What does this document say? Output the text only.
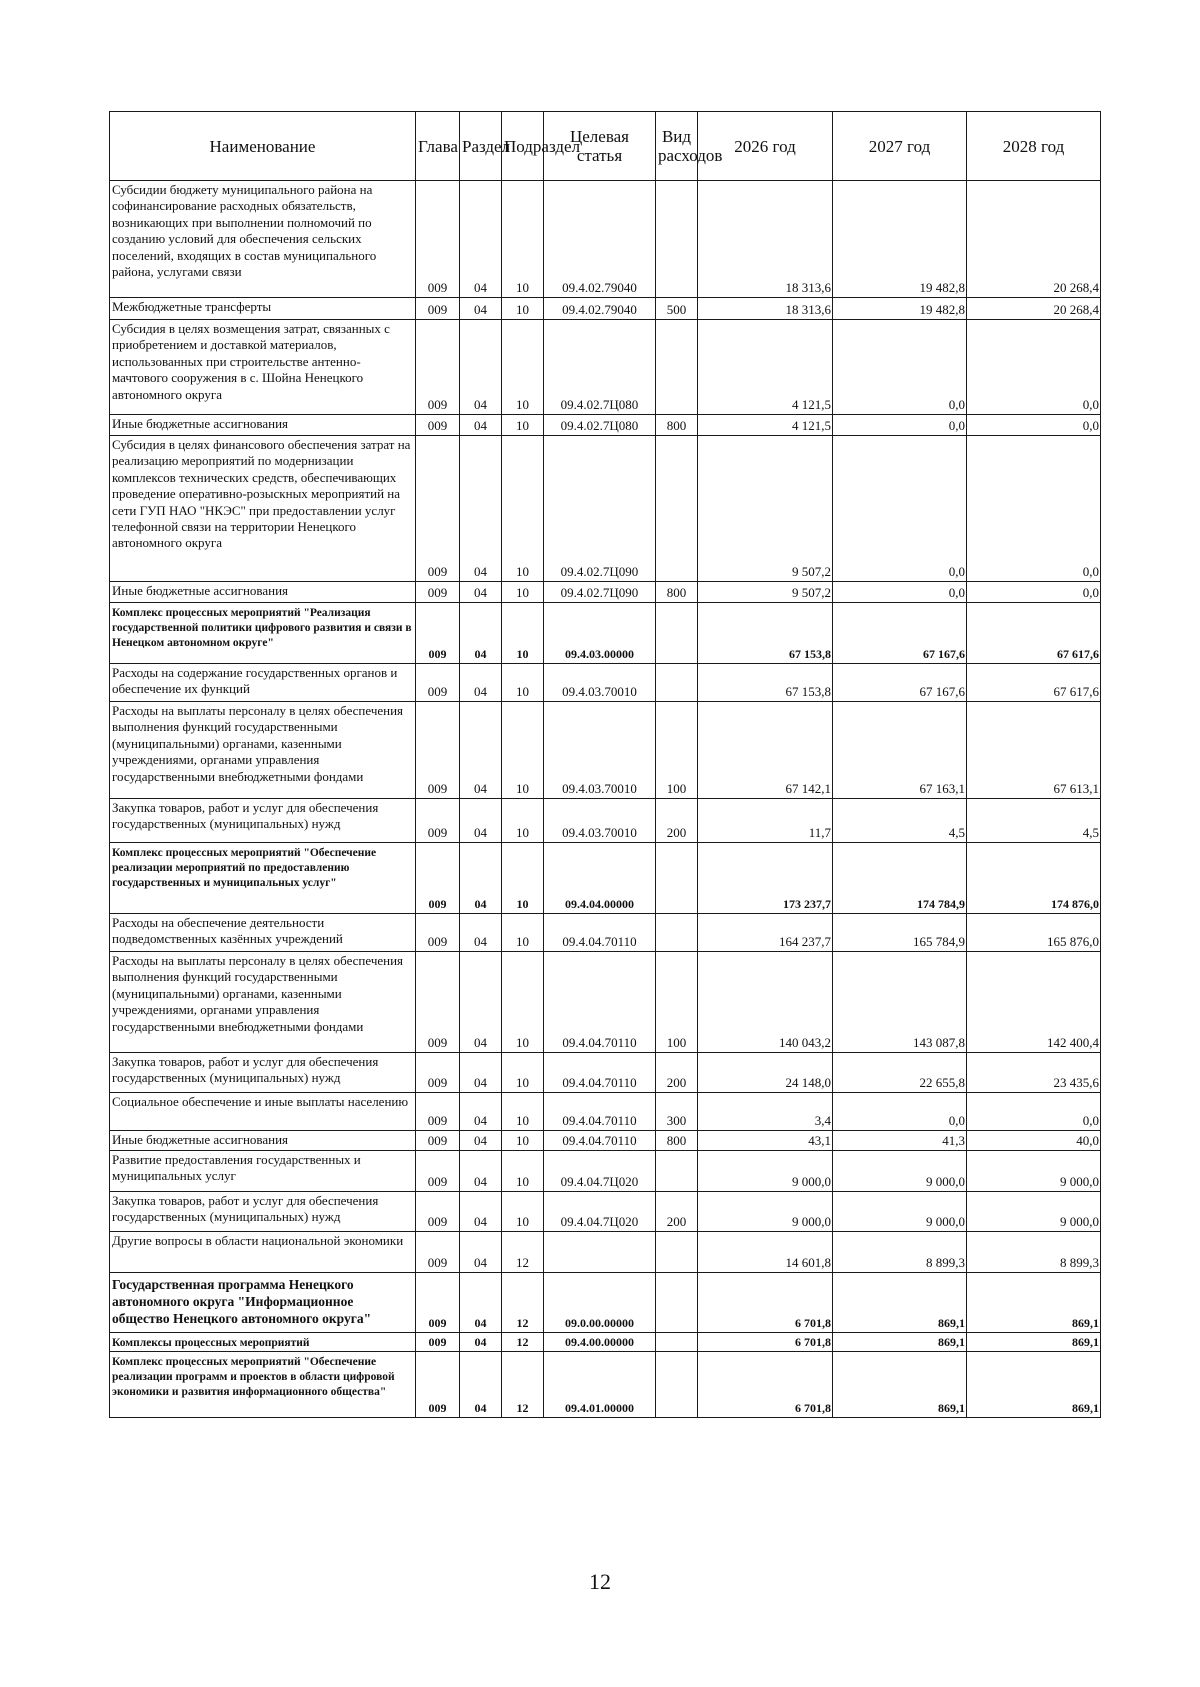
Наименование	Глава	Раздел	Подраздел	Целевая статья	Вид расходов	2026 год	2027 год	2028 год
Субсидии бюджету муниципального района на софинансирование расходных обязательств, возникающих при выполнении полномочий по созданию условий для обеспечения сельских поселений, входящих в состав муниципального района, услугами связи	009	04	10	09.4.02.79040		18 313,6	19 482,8	20 268,4
Межбюджетные трансферты	009	04	10	09.4.02.79040	500	18 313,6	19 482,8	20 268,4
Субсидия в целях возмещения затрат, связанных с приобретением и доставкой материалов, использованных при строительстве антенно-мачтового сооружения в с. Шойна Ненецкого автономного округа	009	04	10	09.4.02.7Ц080		4 121,5	0,0	0,0
Иные бюджетные ассигнования	009	04	10	09.4.02.7Ц080	800	4 121,5	0,0	0,0
Субсидия в целях финансового обеспечения затрат на реализацию мероприятий по модернизации комплексов технических средств, обеспечивающих проведение оперативно-розыскных мероприятий на сети ГУП НАО "НКЭС" при предоставлении услуг телефонной связи на территории Ненецкого автономного округа	009	04	10	09.4.02.7Ц090		9 507,2	0,0	0,0
Иные бюджетные ассигнования	009	04	10	09.4.02.7Ц090	800	9 507,2	0,0	0,0
Комплекс процессных мероприятий "Реализация государственной политики цифрового развития и связи в Ненецком автономном округе"	009	04	10	09.4.03.00000		67 153,8	67 167,6	67 617,6
Расходы на содержание государственных органов и обеспечение их функций	009	04	10	09.4.03.70010		67 153,8	67 167,6	67 617,6
Расходы на выплаты персоналу в целях обеспечения выполнения функций государственными (муниципальными) органами, казенными учреждениями, органами управления государственными внебюджетными фондами	009	04	10	09.4.03.70010	100	67 142,1	67 163,1	67 613,1
Закупка товаров, работ и услуг для обеспечения государственных (муниципальных) нужд	009	04	10	09.4.03.70010	200	11,7	4,5	4,5
Комплекс процессных мероприятий "Обеспечение реализации мероприятий по предоставлению государственных и муниципальных услуг"	009	04	10	09.4.04.00000		173 237,7	174 784,9	174 876,0
Расходы на обеспечение деятельности подведомственных казённых учреждений	009	04	10	09.4.04.70110		164 237,7	165 784,9	165 876,0
Расходы на выплаты персоналу в целях обеспечения выполнения функций государственными (муниципальными) органами, казенными учреждениями, органами управления государственными внебюджетными фондами	009	04	10	09.4.04.70110	100	140 043,2	143 087,8	142 400,4
Закупка товаров, работ и услуг для обеспечения государственных (муниципальных) нужд	009	04	10	09.4.04.70110	200	24 148,0	22 655,8	23 435,6
Социальное обеспечение и иные выплаты населению	009	04	10	09.4.04.70110	300	3,4	0,0	0,0
Иные бюджетные ассигнования	009	04	10	09.4.04.70110	800	43,1	41,3	40,0
Развитие предоставления государственных и муниципальных услуг	009	04	10	09.4.04.7Ц020		9 000,0	9 000,0	9 000,0
Закупка товаров, работ и услуг для обеспечения государственных (муниципальных) нужд	009	04	10	09.4.04.7Ц020	200	9 000,0	9 000,0	9 000,0
Другие вопросы в области национальной экономики	009	04	12			14 601,8	8 899,3	8 899,3
Государственная программа Ненецкого автономного округа "Информационное общество Ненецкого автономного округа"	009	04	12	09.0.00.00000		6 701,8	869,1	869,1
Комплексы процессных мероприятий	009	04	12	09.4.00.00000		6 701,8	869,1	869,1
Комплекс процессных мероприятий "Обеспечение реализации программ и проектов в области цифровой экономики и развития информационного общества"	009	04	12	09.4.01.00000		6 701,8	869,1	869,1
12
